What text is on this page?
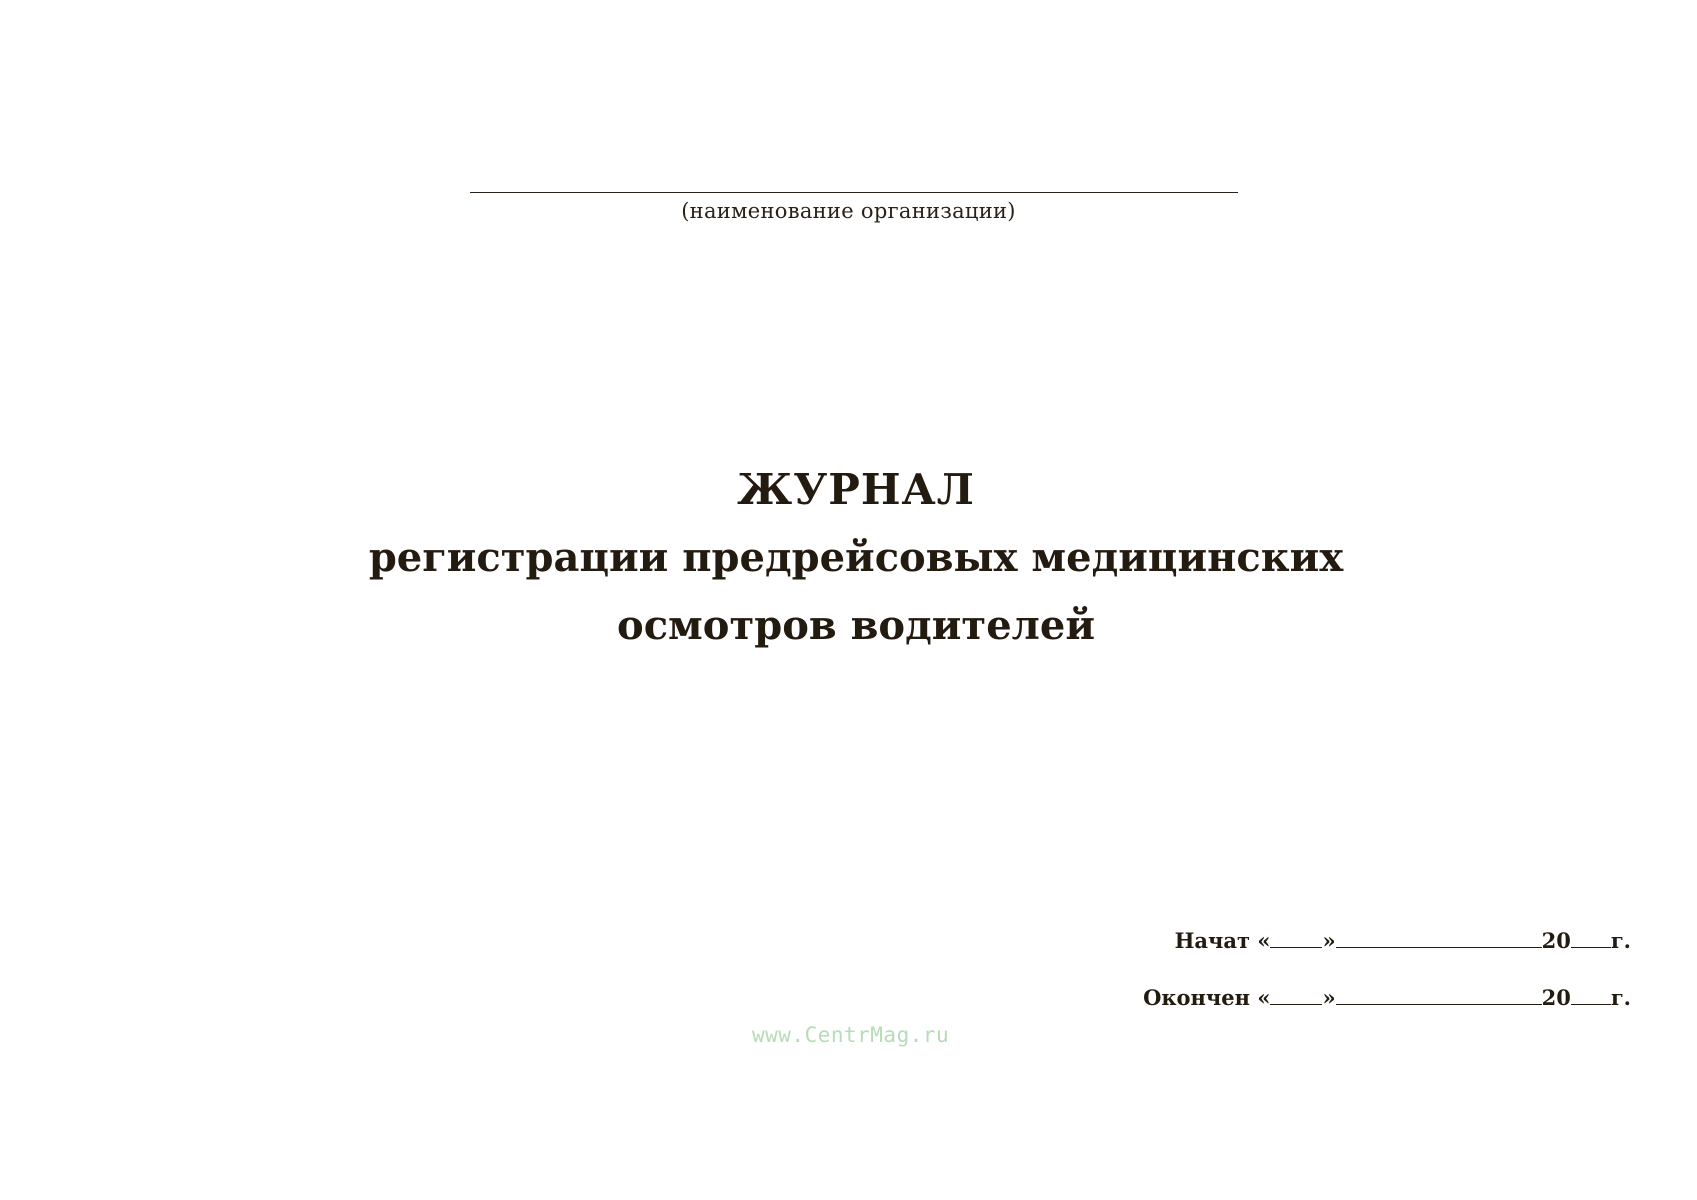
(наименование организации)
ЖУРНАЛ
регистрации предрейсовых медицинских
осмотров водителей
Начат
« »	20 г.
Окончен
« »	20 г.
www.CentrMag.ru
